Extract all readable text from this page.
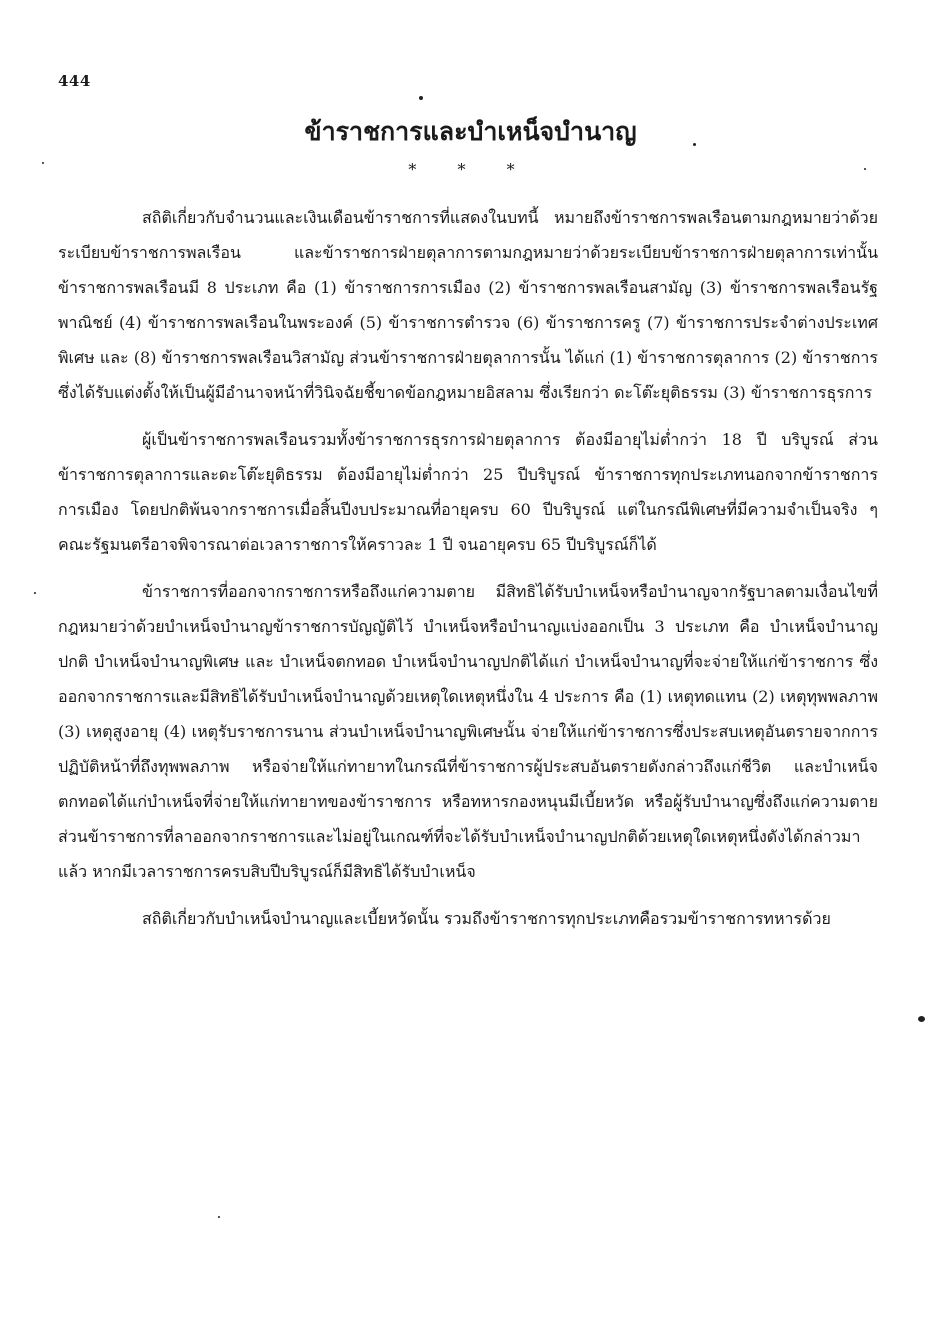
444
ข้าราชการและบำเหน็จบำนาญ
* * *

สถิติเกี่ยวกับจำนวนและเงินเดือนข้าราชการที่แสดงในบทนี้ หมายถึงข้าราชการพลเรือนตามกฎหมายว่าด้วยระเบียบข้าราชการพลเรือน และข้าราชการฝ่ายตุลาการตามกฎหมายว่าด้วยระเบียบข้าราชการฝ่ายตุลาการเท่านั้น ข้าราชการพลเรือนมี 8 ประเภท คือ (1) ข้าราชการการเมือง (2) ข้าราชการพลเรือนสามัญ (3) ข้าราชการพลเรือนรัฐพาณิชย์ (4) ข้าราชการพลเรือนในพระองค์ (5) ข้าราชการตำรวจ (6) ข้าราชการครู (7) ข้าราชการประจำต่างประเทศพิเศษ และ (8) ข้าราชการพลเรือนวิสามัญ ส่วนข้าราชการฝ่ายตุลาการนั้น ได้แก่ (1) ข้าราชการตุลาการ (2) ข้าราชการซึ่งได้รับแต่งตั้งให้เป็นผู้มีอำนาจหน้าที่วินิจฉัยชี้ขาดข้อกฎหมายอิสลาม ซึ่งเรียกว่า ดะโต๊ะยุติธรรม (3) ข้าราชการธุรการ

ผู้เป็นข้าราชการพลเรือนรวมทั้งข้าราชการธุรการฝ่ายตุลาการ ต้องมีอายุไม่ต่ำกว่า 18 ปี บริบูรณ์ ส่วนข้าราชการตุลาการและดะโต๊ะยุติธรรม ต้องมีอายุไม่ต่ำกว่า 25 ปีบริบูรณ์ ข้าราชการทุกประเภทนอกจากข้าราชการการเมือง โดยปกติพ้นจากราชการเมื่อสิ้นปีงบประมาณที่อายุครบ 60 ปีบริบูรณ์ แต่ในกรณีพิเศษที่มีความจำเป็นจริง ๆ คณะรัฐมนตรีอาจพิจารณาต่อเวลาราชการให้คราวละ 1 ปี จนอายุครบ 65 ปีบริบูรณ์ก็ได้

ข้าราชการที่ออกจากราชการหรือถึงแก่ความตาย มีสิทธิได้รับบำเหน็จหรือบำนาญจากรัฐบาลตามเงื่อนไขที่กฎหมายว่าด้วยบำเหน็จบำนาญข้าราชการบัญญัติไว้ บำเหน็จหรือบำนาญแบ่งออกเป็น 3 ประเภท คือ บำเหน็จบำนาญปกติ บำเหน็จบำนาญพิเศษ และ บำเหน็จตกทอด บำเหน็จบำนาญปกติได้แก่ บำเหน็จบำนาญที่จะจ่ายให้แก่ข้าราชการ ซึ่งออกจากราชการและมีสิทธิได้รับบำเหน็จบำนาญด้วยเหตุใดเหตุหนึ่งใน 4 ประการ คือ (1) เหตุทดแทน (2) เหตุทุพพลภาพ (3) เหตุสูงอายุ (4) เหตุรับราชการนาน ส่วนบำเหน็จบำนาญพิเศษนั้น จ่ายให้แก่ข้าราชการซึ่งประสบเหตุอันตรายจากการปฏิบัติหน้าที่ถึงทุพพลภาพ หรือจ่ายให้แก่ทายาทในกรณีที่ข้าราชการผู้ประสบอันตรายดังกล่าวถึงแก่ชีวิต และบำเหน็จตกทอดได้แก่บำเหน็จที่จ่ายให้แก่ทายาทของข้าราชการ หรือทหารกองหนุนมีเบี้ยหวัด หรือผู้รับบำนาญซึ่งถึงแก่ความตาย ส่วนข้าราชการที่ลาออกจากราชการและไม่อยู่ในเกณฑ์ที่จะได้รับบำเหน็จบำนาญปกติด้วยเหตุใดเหตุหนึ่งดังได้กล่าวมาแล้ว หากมีเวลาราชการครบสิบปีบริบูรณ์ก็มีสิทธิได้รับบำเหน็จ

สถิติเกี่ยวกับบำเหน็จบำนาญและเบี้ยหวัดนั้น รวมถึงข้าราชการทุกประเภทคือรวมข้าราชการทหารด้วย
